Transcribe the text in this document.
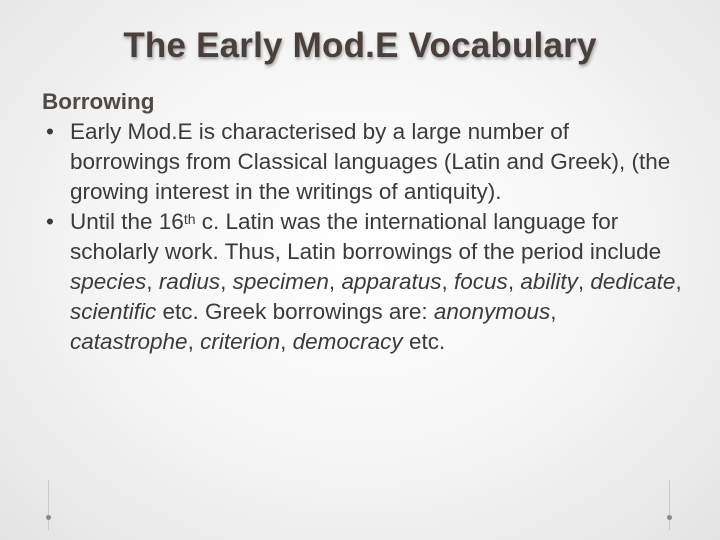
The Early Mod.E Vocabulary
Borrowing
• Early Mod.E is characterised by a large number of borrowings from Classical languages (Latin and Greek), (the growing interest in the writings of antiquity).
• Until the 16th c. Latin was the international language for scholarly work. Thus, Latin borrowings of the period include species, radius, specimen, apparatus, focus, ability, dedicate, scientific etc. Greek borrowings are: anonymous, catastrophe, criterion, democracy etc.
